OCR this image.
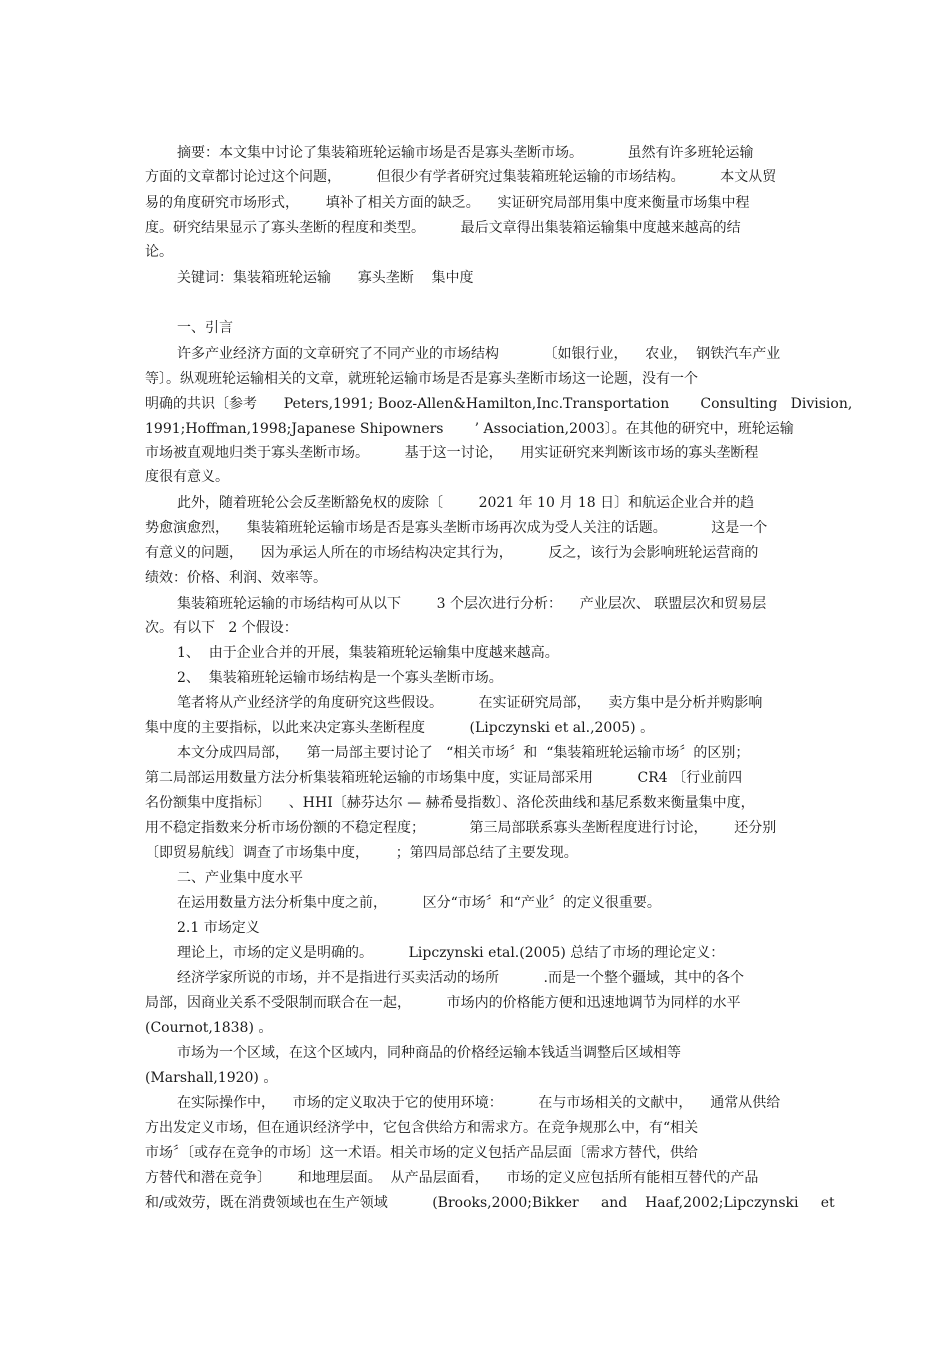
摘要：本文集中讨论了集装箱班轮运输市场是否是寡头垄断市场。          虽然有许多班轮运输
方面的文章都讨论过这个问题，        但很少有学者研究过集装箱班轮运输的市场结构。        本文从贸
易的角度研究市场形式，      填补了相关方面的缺乏。    实证研究局部用集中度来衡量市场集中程
度。研究结果显示了寡头垄断的程度和类型。        最后文章得出集装箱运输集中度越来越高的结
论。
关键词：集装箱班轮运输      寡头垄断    集中度
一、引言
许多产业经济方面的文章研究了不同产业的市场结构          〔如银行业，    农业，  钢铁汽车产业
等〕。纵观班轮运输相关的文章，就班轮运输市场是否是寡头垄断市场这一论题，没有一个
明确的共识〔参考      Peters,1991; Booz-Allen&Hamilton,Inc.Transportation       Consulting   Division,
1991;Hoffman,1998;Japanese Shipowners       ’ Association,2003〕。在其他的研究中，班轮运输
市场被直观地归类于寡头垄断市场。        基于这一讨论，    用实证研究来判断该市场的寡头垄断程
度很有意义。
此外，随着班轮公会反垄断豁免权的废除〔        2021 年 10 月 18 日〕和航运企业合并的趋
势愈演愈烈，    集装箱班轮运输市场是否是寡头垄断市场再次成为受人关注的话题。          这是一个
有意义的问题，    因为承运人所在的市场结构决定其行为，        反之，该行为会影响班轮运营商的
绩效：价格、利润、效率等。
集装箱班轮运输的市场结构可从以下        3 个层次进行分析：    产业层次、 联盟层次和贸易层
次。有以下   2 个假设：
1、  由于企业合并的开展，集装箱班轮运输集中度越来越高。
2、  集装箱班轮运输市场结构是一个寡头垄断市场。
笔者将从产业经济学的角度研究这些假设。        在实证研究局部，    卖方集中是分析并购影响
集中度的主要指标，以此来决定寡头垄断程度          (Lipczynski et al.,2005) 。
本文分成四局部，    第一局部主要讨论了   “相关市场〞和  “集装箱班轮运输市场〞的区别；
第二局部运用数量方法分析集装箱班轮运输的市场集中度，实证局部采用          CR4 〔行业前四
名份额集中度指标〕    、HHI〔赫芬达尔 — 赫希曼指数〕、洛伦茨曲线和基尼系数来衡量集中度，
用不稳定指数来分析市场份额的不稳定程度；          第三局部联系寡头垄断程度进行讨论，      还分别
〔即贸易航线〕调查了市场集中度，      ；第四局部总结了主要发现。
二、产业集中度水平
在运用数量方法分析集中度之前，        区分“市场〞和“产业〞的定义很重要。
2.1 市场定义
理论上，市场的定义是明确的。        Lipczynski etal.(2005) 总结了市场的理论定义：
经济学家所说的市场，并不是指进行买卖活动的场所          .而是一个整个疆域，其中的各个
局部，因商业关系不受限制而联合在一起，        市场内的价格能方便和迅速地调节为同样的水平
(Cournot,1838) 。
市场为一个区域，在这个区域内，同种商品的价格经运输本钱适当调整后区域相等
(Marshall,1920) 。
在实际操作中，    市场的定义取决于它的使用环境：        在与市场相关的文献中，    通常从供给
方出发定义市场，但在通识经济学中，它包含供给方和需求方。在竞争规那么中，有“相关
市场〞〔或存在竞争的市场〕这一术语。相关市场的定义包括产品层面〔需求方替代，供给
方替代和潜在竞争〕      和地理层面。  从产品层面看，    市场的定义应包括所有能相互替代的产品
和/或效劳，既在消费领域也在生产领域          (Brooks,2000;Bikker     and    Haaf,2002;Lipczynski     et
